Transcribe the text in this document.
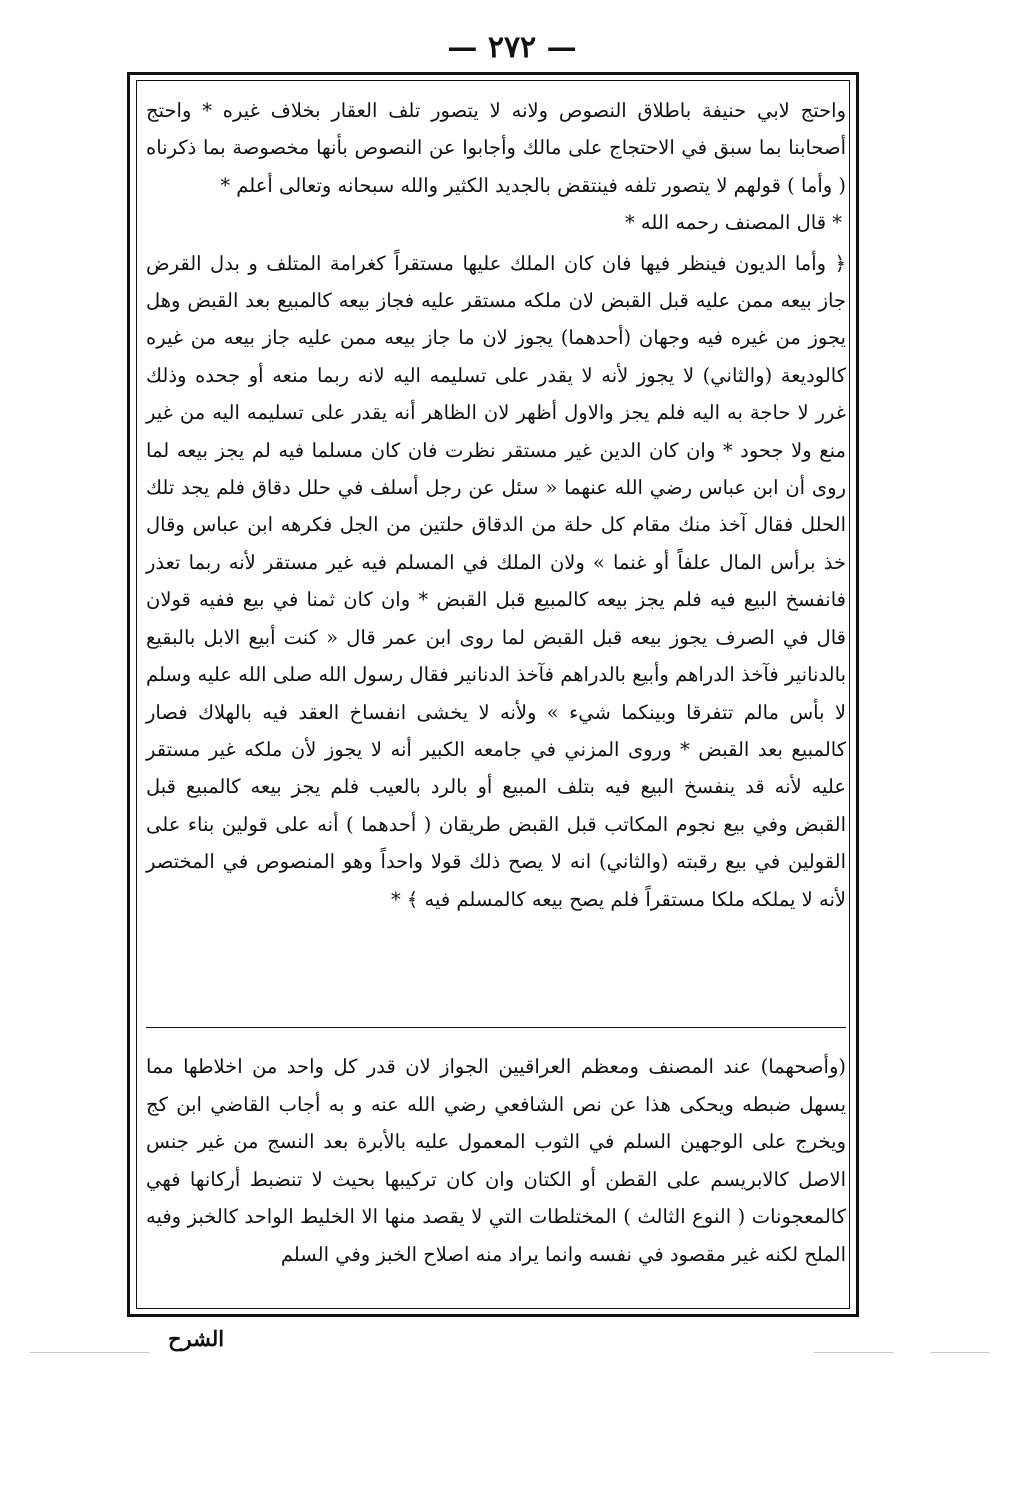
— ٢٧٢ —

واحتج لابي حنيفة باطلاق النصوص ولانه لا يتصور تلف العقار بخلاف غيره * واحتج أصحابنا بما سبق في الاحتجاج على مالك وأجابوا عن النصوص بأنها مخصوصة بما ذكرناه ( وأما ) قولهم لا يتصور تلفه فينتقض بالجديد الكثير والله سبحانه وتعالى أعلم *

* قال المصنف رحمه الله *

﴿ وأما الديون فينظر فيها فان كان الملك عليها مستقراً كغرامة المتلف و بدل القرض جاز بيعه ممن عليه قبل القبض لان ملكه مستقر عليه فجاز بيعه كالمبيع بعد القبض وهل يجوز من غيره فيه وجهان (أحدهما) يجوز لان ما جاز بيعه ممن عليه جاز بيعه من غيره كالوديعة (والثاني) لا يجوز لأنه لا يقدر على تسليمه اليه لانه ربما منعه أو جحده وذلك غرر لا حاجة به اليه فلم يجز والاول أظهر لان الظاهر أنه يقدر على تسليمه اليه من غير منع ولا جحود * وان كان الدين غير مستقر نظرت فان كان مسلما فيه لم يجز بيعه لما روى أن ابن عباس رضي الله عنهما « سئل عن رجل أسلف في حلل دقاق فلم يجد تلك الحلل فقال آخذ منك مقام كل حلة من الدقاق حلتين من الجل فكرهه ابن عباس وقال خذ برأس المال علفاً أو غنما » ولان الملك في المسلم فيه غير مستقر لأنه ربما تعذر فانفسخ البيع فيه فلم يجز بيعه كالمبيع قبل القبض * وان كان ثمنا في بيع ففيه قولان قال في الصرف يجوز بيعه قبل القبض لما روى ابن عمر قال « كنت أبيع الابل بالبقيع بالدنانير فآخذ الدراهم وأبيع بالدراهم فآخذ الدنانير فقال رسول الله صلى الله عليه وسلم لا بأس مالم تتفرقا وبينكما شيء » ولأنه لا يخشى انفساخ العقد فيه بالهلاك فصار كالمبيع بعد القبض * وروى المزني في جامعه الكبير أنه لا يجوز لأن ملكه غير مستقر عليه لأنه قد ينفسخ البيع فيه بتلف المبيع أو بالرد بالعيب فلم يجز بيعه كالمبيع قبل القبض وفي بيع نجوم المكاتب قبل القبض طريقان ( أحدهما ) أنه على قولين بناء على القولين في بيع رقبته (والثاني) انه لا يصح ذلك قولا واحداً وهو المنصوص في المختصر لأنه لا يملكه ملكا مستقراً فلم يصح بيعه كالمسلم فيه ﴾ *

(وأصحهما) عند المصنف ومعظم العراقيين الجواز لان قدر كل واحد من اخلاطها مما يسهل ضبطه ويحكى هذا عن نص الشافعي رضي الله عنه و به أجاب القاضي ابن كج ويخرج على الوجهين السلم في الثوب المعمول عليه بالأبرة بعد النسج من غير جنس الاصل كالابريسم على القطن أو الكتان وان كان تركيبها بحيث لا تنضبط أركانها فهي كالمعجونات ( النوع الثالث ) المختلطات التي لا يقصد منها الا الخليط الواحد كالخبز وفيه الملح لكنه غير مقصود في نفسه وانما يراد منه اصلاح الخبز وفي السلم

الشرح
